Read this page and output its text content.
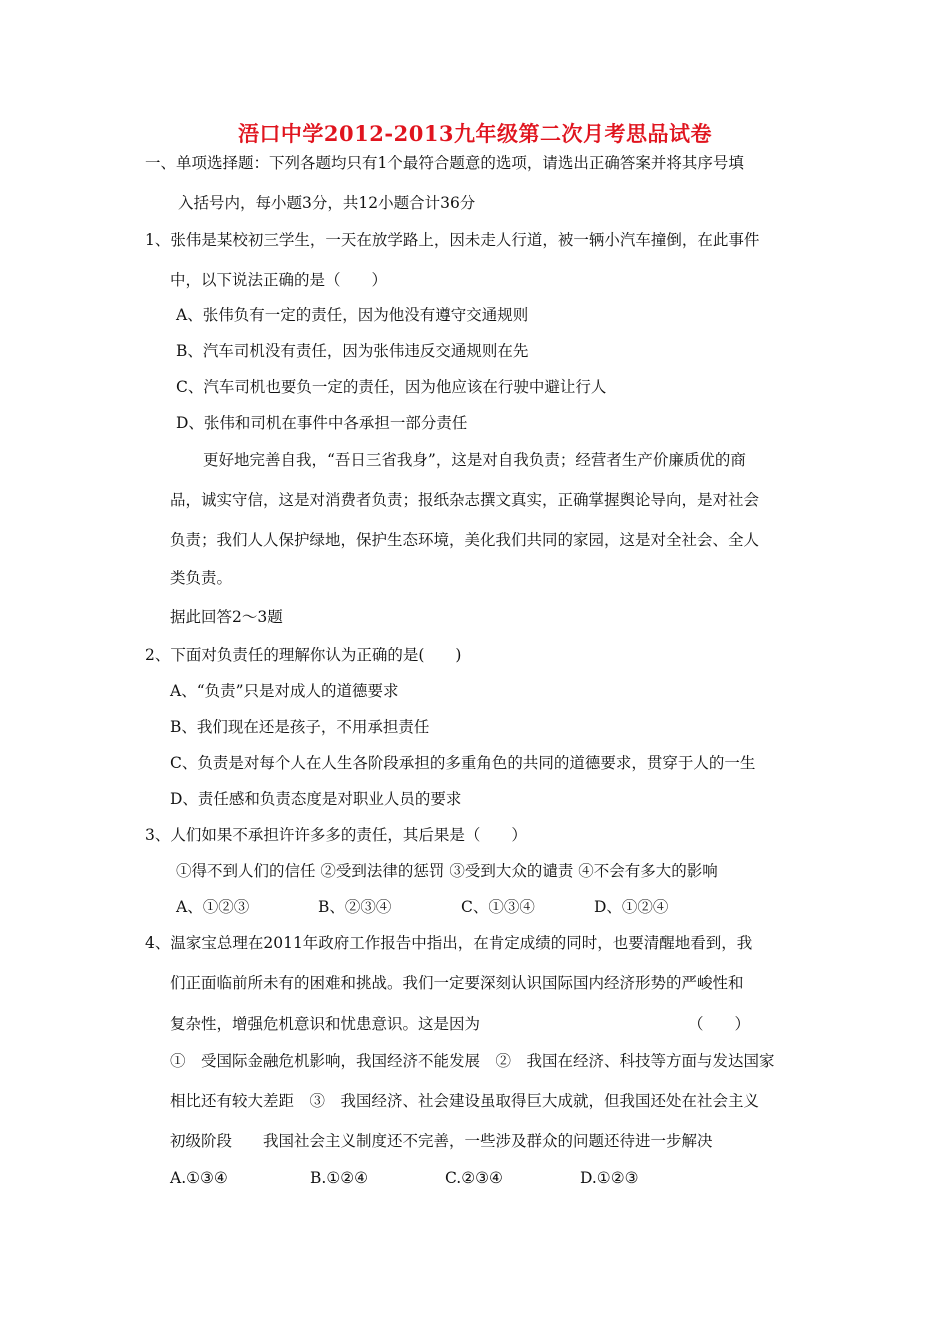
浯口中学2012-2013九年级第二次月考思品试卷
一、单项选择题：下列各题均只有1个最符合题意的选项，请选出正确答案并将其序号填
入括号内，每小题3分，共12小题合计36分
1、张伟是某校初三学生，一天在放学路上，因未走人行道，被一辆小汽车撞倒，在此事件
中，以下说法正确的是（　　）
A、张伟负有一定的责任，因为他没有遵守交通规则
B、汽车司机没有责任，因为张伟违反交通规则在先
C、汽车司机也要负一定的责任，因为他应该在行驶中避让行人
D、张伟和司机在事件中各承担一部分责任
更好地完善自我，“吾日三省我身”，这是对自我负责；经营者生产价廉质优的商
品，诚实守信，这是对消费者负责；报纸杂志撰文真实，正确掌握舆论导向，是对社会
负责；我们人人保护绿地，保护生态环境，美化我们共同的家园，这是对全社会、全人
类负责。
据此回答2～3题
2、下面对负责任的理解你认为正确的是(　　)
A、“负责”只是对成人的道德要求
B、我们现在还是孩子，不用承担责任
C、负责是对每个人在人生各阶段承担的多重角色的共同的道德要求，贯穿于人的一生
D、责任感和负责态度是对职业人员的要求
3、人们如果不承担许许多多的责任，其后果是（　　）
①得不到人们的信任 ②受到法律的惩罚 ③受到大众的谴责 ④不会有多大的影响
A、①②③	B、②③④	C、①③④	D、①②④
4、温家宝总理在2011年政府工作报告中指出，在肯定成绩的同时，也要清醒地看到，我
们正面临前所未有的困难和挑战。我们一定要深刻认识国际国内经济形势的严峻性和
复杂性，增强危机意识和忧患意识。这是因为	（　　）
①　受国际金融危机影响，我国经济不能发展　②　我国在经济、科技等方面与发达国家
相比还有较大差距　③　我国经济、社会建设虽取得巨大成就，但我国还处在社会主义
初级阶段　　我国社会主义制度还不完善，一些涉及群众的问题还待进一步解决
A.①③④	B.①②④	C.②③④	D.①②③
